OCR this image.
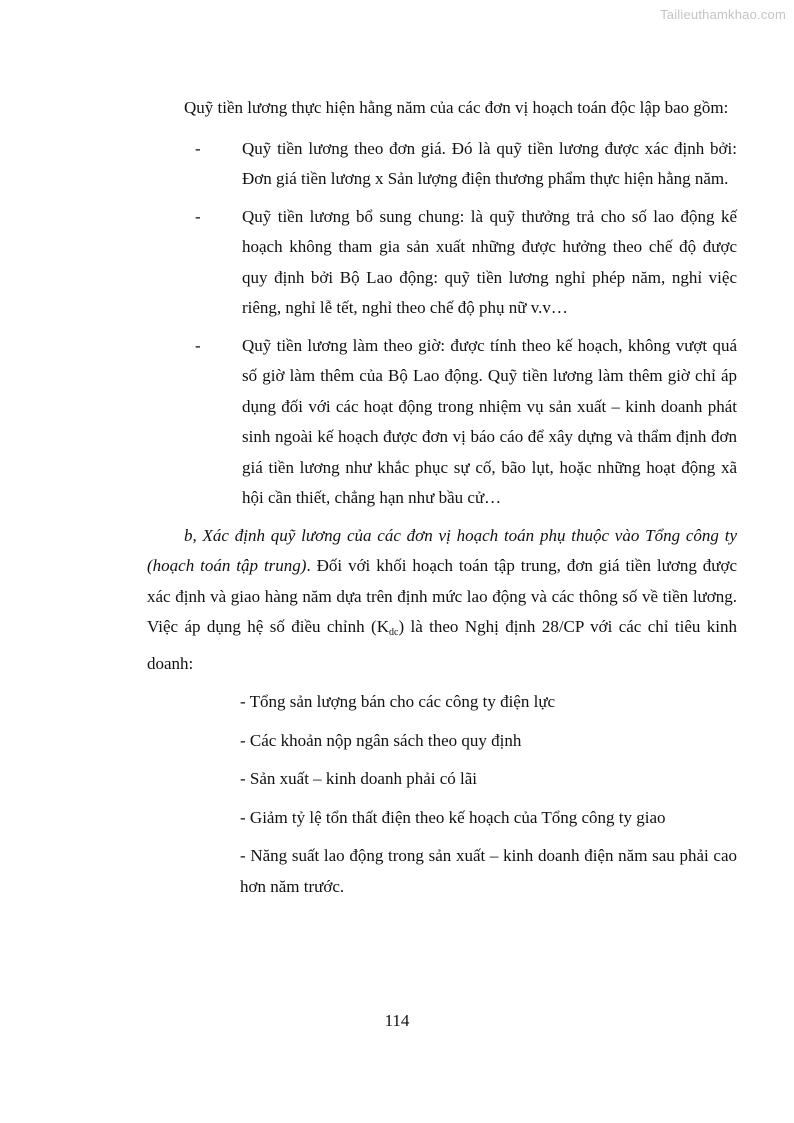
Tailieuthamkhao.com

Quỹ tiền lương thực hiện hằng năm của các đơn vị hoạch toán độc lập bao gồm:

- Quỹ tiền lương theo đơn giá. Đó là quỹ tiền lương được xác định bởi: Đơn giá tiền lương x Sản lượng điện thương phẩm thực hiện hằng năm.
- Quỹ tiền lương bổ sung chung: là quỹ thưởng trả cho số lao động kế hoạch không tham gia sản xuất những được hưởng theo chế độ được quy định bởi Bộ Lao động: quỹ tiền lương nghỉ phép năm, nghỉ việc riêng, nghỉ lễ tết, nghỉ theo chế độ phụ nữ v.v…
- Quỹ tiền lương làm theo giờ: được tính theo kế hoạch, không vượt quá số giờ làm thêm của Bộ Lao động. Quỹ tiền lương làm thêm giờ chỉ áp dụng đối với các hoạt động trong nhiệm vụ sản xuất – kinh doanh phát sinh ngoài kế hoạch được đơn vị báo cáo để xây dựng và thẩm định đơn giá tiền lương như khắc phục sự cố, bão lụt, hoặc những hoạt động xã hội cần thiết, chẳng hạn như bầu cử…

b, Xác định quỹ lương của các đơn vị hoạch toán phụ thuộc vào Tổng công ty (hoạch toán tập trung). Đối với khối hoạch toán tập trung, đơn giá tiền lương được xác định và giao hàng năm dựa trên định mức lao động và các thông số về tiền lương. Việc áp dụng hệ số điều chỉnh $(K_{dc})$ là theo Nghị định 28/CP với các chỉ tiêu kinh doanh:

- Tổng sản lượng bán cho các công ty điện lực

- Các khoản nộp ngân sách theo quy định

- Sản xuất – kinh doanh phải có lãi

- Giảm tỷ lệ tổn thất điện theo kế hoạch của Tổng công ty giao

- Năng suất lao động trong sản xuất – kinh doanh điện năm sau phải cao hơn năm trước.

114
